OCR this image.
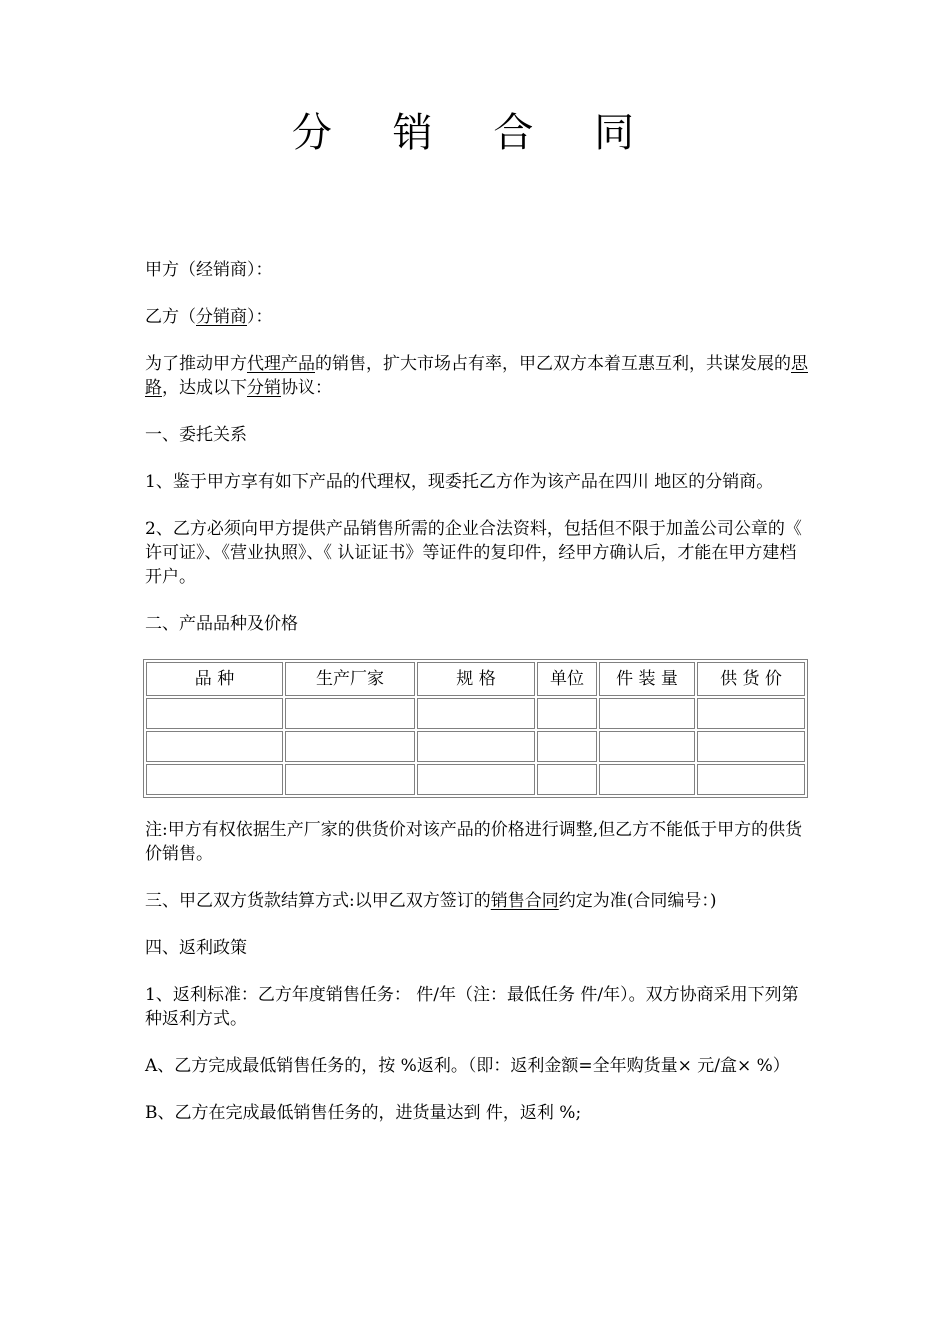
分 销 合 同
甲方（经销商）：
乙方（分销商）：
为了推动甲方代理产品的销售，扩大市场占有率，甲乙双方本着互惠互利，共谋发展的思路，达成以下分销协议：
一、委托关系
1、鉴于甲方享有如下产品的代理权，现委托乙方作为该产品在四川 地区的分销商。
2、乙方必须向甲方提供产品销售所需的企业合法资料，包括但不限于加盖公司公章的《 许可证》、《营业执照》、《 认证证书》等证件的复印件，经甲方确认后，才能在甲方建档开户。
二、产品品种及价格
品 种	生产厂家	规 格	单位	件 装 量	供 货 价

注:甲方有权依据生产厂家的供货价对该产品的价格进行调整,但乙方不能低于甲方的供货价销售。
三、甲乙双方货款结算方式:以甲乙双方签订的销售合同约定为准(合同编号：)
四、返利政策
1、返利标准：乙方年度销售任务： 件/年（注：最低任务 件/年）。双方协商采用下列第 种返利方式。
A、乙方完成最低销售任务的，按 %返利。（即：返利金额=全年购货量× 元/盒× %）
B、乙方在完成最低销售任务的，进货量达到 件，返利 %;
